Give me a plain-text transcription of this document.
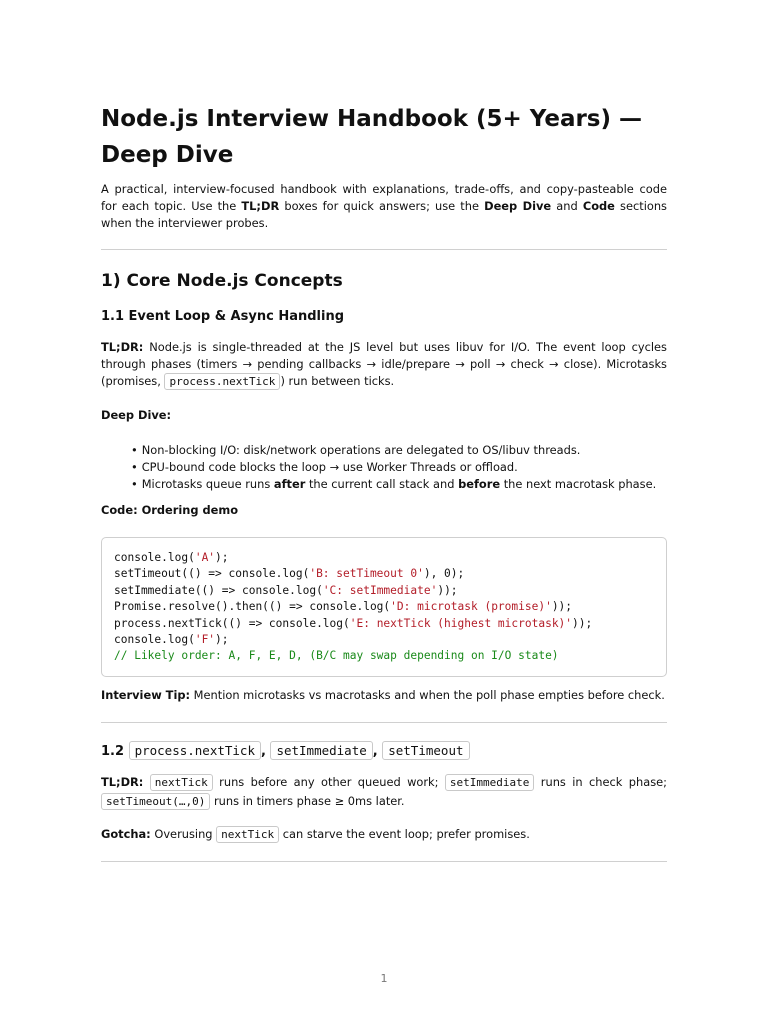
Node.js Interview Handbook (5+ Years) — Deep Dive

A practical, interview-focused handbook with explanations, trade-offs, and copy-pasteable code for each topic. Use the TL;DR boxes for quick answers; use the Deep Dive and Code sections when the interviewer probes.

1) Core Node.js Concepts
1.1 Event Loop & Async Handling

TL;DR: Node.js is single-threaded at the JS level but uses libuv for I/O. The event loop cycles through phases (timers → pending callbacks → idle/prepare → poll → check → close). Microtasks (promises, process.nextTick ) run between ticks.

Deep Dive:

• Non-blocking I/O: disk/network operations are delegated to OS/libuv threads.
• CPU-bound code blocks the loop → use Worker Threads or offload.
• Microtasks queue runs after the current call stack and before the next macrotask phase.

Code: Ordering demo

console.log('A');
setTimeout(() => console.log('B: setTimeout 0'), 0);
setImmediate(() => console.log('C: setImmediate'));
Promise.resolve().then(() => console.log('D: microtask (promise)'));
process.nextTick(() => console.log('E: nextTick (highest microtask)'));
console.log('F');
// Likely order: A, F, E, D, (B/C may swap depending on I/O state)

Interview Tip: Mention microtasks vs macrotasks and when the poll phase empties before check.

1.2 process.nextTick , setImmediate , setTimeout

TL;DR: nextTick runs before any other queued work; setImmediate runs in check phase; setTimeout(…,0) runs in timers phase ≥ 0ms later.

Gotcha: Overusing nextTick can starve the event loop; prefer promises.

1
